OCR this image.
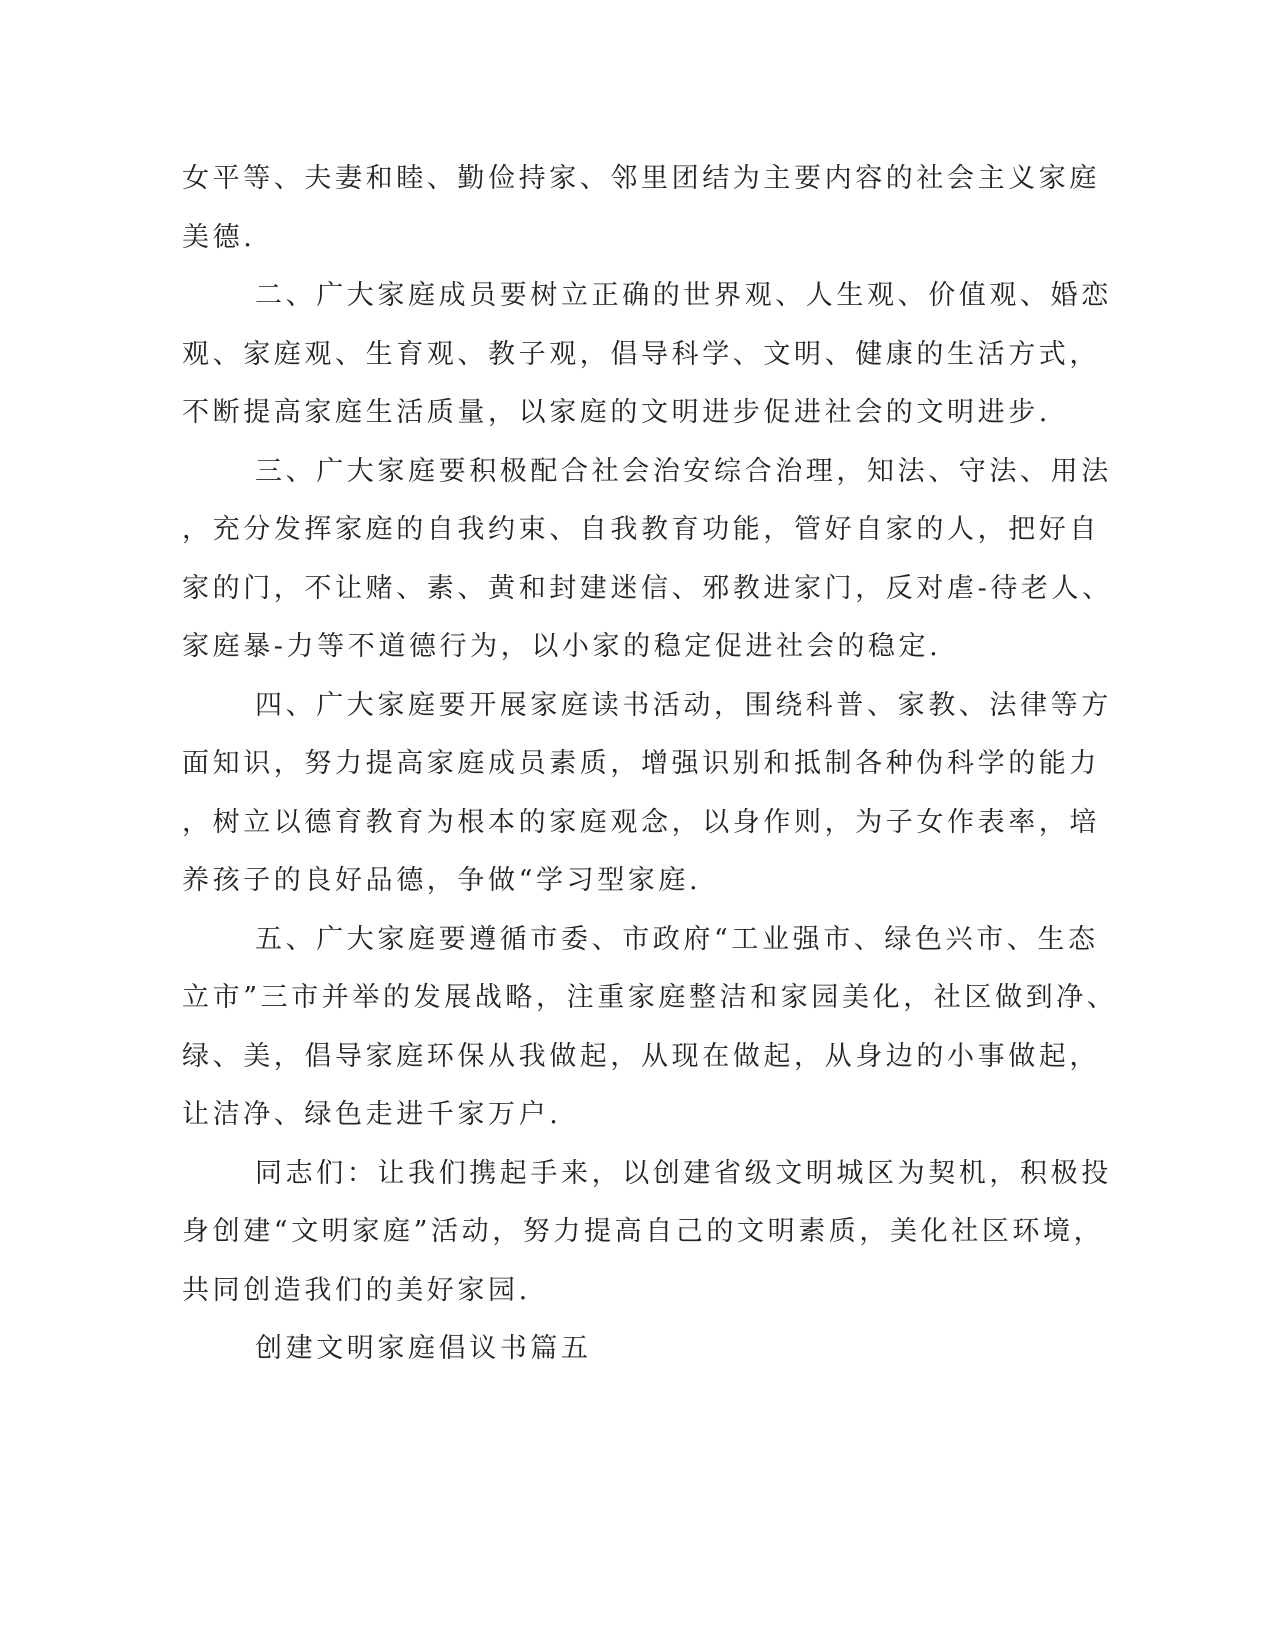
女平等、夫妻和睦、勤俭持家、邻里团结为主要内容的社会主义家庭
美德.
二、广大家庭成员要树立正确的世界观、人生观、价值观、婚恋
观、家庭观、生育观、教子观，倡导科学、文明、健康的生活方式，
不断提高家庭生活质量，以家庭的文明进步促进社会的文明进步.
三、广大家庭要积极配合社会治安综合治理，知法、守法、用法
，充分发挥家庭的自我约束、自我教育功能，管好自家的人，把好自
家的门，不让赌、素、黄和封建迷信、邪教进家门，反对虐-待老人、
家庭暴-力等不道德行为，以小家的稳定促进社会的稳定.
四、广大家庭要开展家庭读书活动，围绕科普、家教、法律等方
面知识，努力提高家庭成员素质，增强识别和抵制各种伪科学的能力
，树立以德育教育为根本的家庭观念，以身作则，为子女作表率，培
养孩子的良好品德，争做“学习型家庭.
五、广大家庭要遵循市委、市政府“工业强市、绿色兴市、生态
立市”三市并举的发展战略，注重家庭整洁和家园美化，社区做到净、
绿、美，倡导家庭环保从我做起，从现在做起，从身边的小事做起，
让洁净、绿色走进千家万户.
同志们：让我们携起手来，以创建省级文明城区为契机，积极投
身创建“文明家庭”活动，努力提高自己的文明素质，美化社区环境，
共同创造我们的美好家园.
创建文明家庭倡议书篇五
